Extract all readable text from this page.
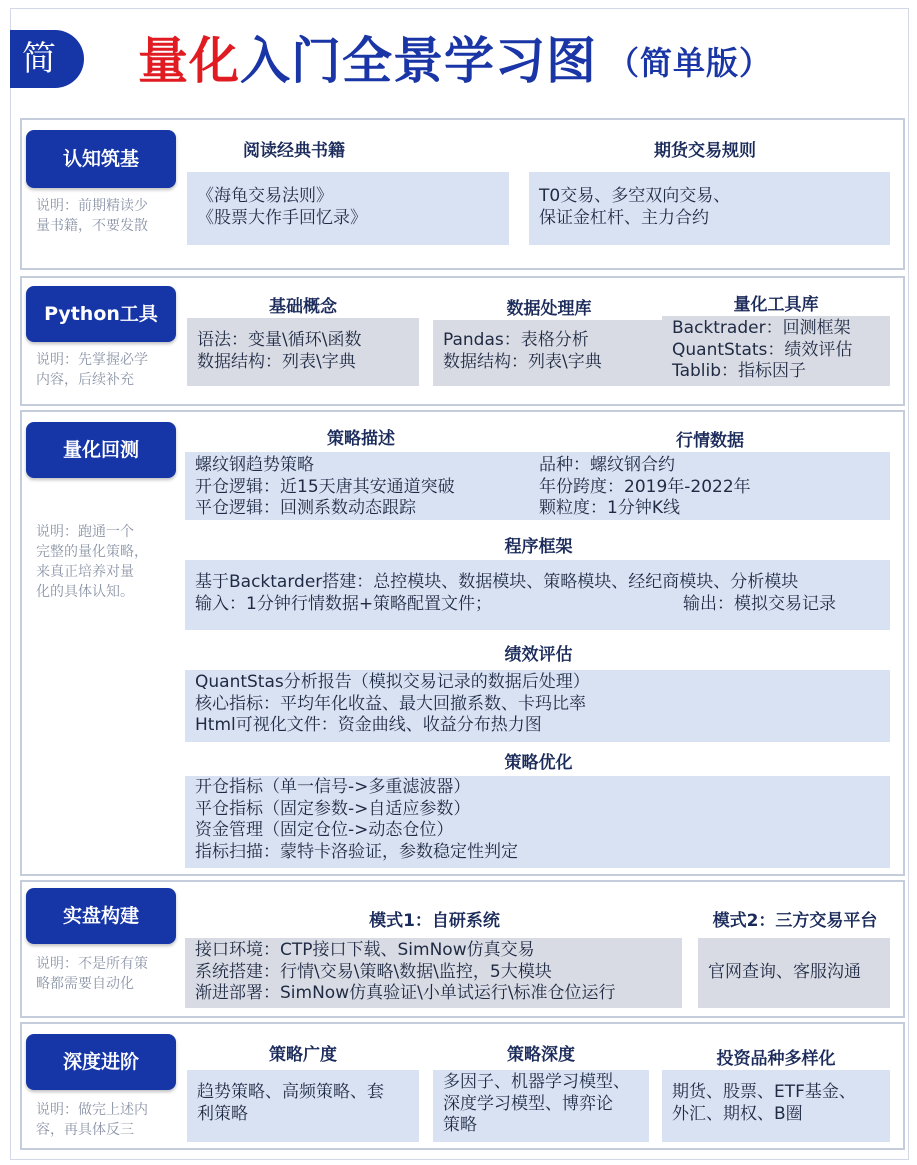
简	量化入门全景学习图 （简单版）
认知筑基
说明：前期精读少
量书籍，不要发散
阅读经典书籍
《海龟交易法则》
《股票大作手回忆录》
期货交易规则
T0交易、多空双向交易、
保证金杠杆、主力合约
Python工具
说明：先掌握必学
内容，后续补充
基础概念
语法：变量\循环\函数
数据结构：列表\字典
数据处理库
Pandas：表格分析
数据结构：列表\字典
量化工具库
Backtrader：回测框架
QuantStats：绩效评估
Tablib：指标因子
量化回测
说明：跑通一个
完整的量化策略，
来真正培养对量
化的具体认知。
策略描述
螺纹钢趋势策略
开仓逻辑：近15天唐其安通道突破
平仓逻辑：回测系数动态跟踪
行情数据
品种：螺纹钢合约
年份跨度：2019年-2022年
颗粒度：1分钟K线
程序框架
基于Backtarder搭建：总控模块、数据模块、策略模块、经纪商模块、分析模块
输入：1分钟行情数据+策略配置文件；	输出：模拟交易记录
绩效评估
QuantStas分析报告（模拟交易记录的数据后处理）
核心指标：平均年化收益、最大回撤系数、卡玛比率
Html可视化文件：资金曲线、收益分布热力图
策略优化
开仓指标（单一信号->多重滤波器）
平仓指标（固定参数->自适应参数）
资金管理（固定仓位->动态仓位）
指标扫描：蒙特卡洛验证，参数稳定性判定
实盘构建
说明：不是所有策
略都需要自动化
模式1：自研系统
接口环境：CTP接口下载、SimNow仿真交易
系统搭建：行情\交易\策略\数据\监控，5大模块
渐进部署：SimNow仿真验证\小单试运行\标准仓位运行
模式2：三方交易平台
官网查询、客服沟通
深度进阶
说明：做完上述内
容，再具体反三
策略广度
趋势策略、高频策略、套
利策略
策略深度
多因子、机器学习模型、
深度学习模型、博弈论
策略
投资品种多样化
期货、股票、ETF基金、
外汇、期权、B圈
